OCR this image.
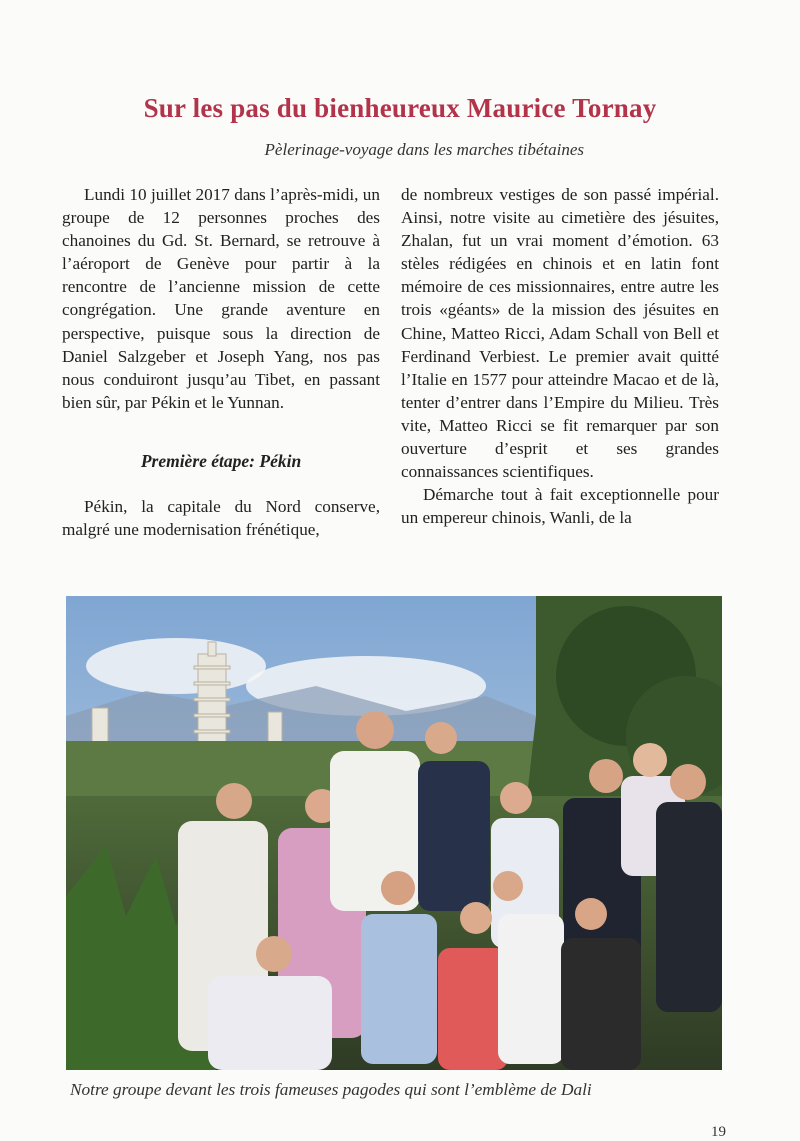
Sur les pas du bienheureux Maurice Tornay
Pèlerinage-voyage dans les marches tibétaines

Lundi 10 juillet 2017 dans l’après-midi, un groupe de 12 personnes proches des chanoines du Gd. St. Bernard, se retrouve à l’aéroport de Genève pour partir à la rencontre de l’ancienne mission de cette congrégation. Une grande aventure en perspective, puisque sous la direction de Daniel Salzgeber et Joseph Yang, nos pas nous conduiront jusqu’au Tibet, en passant bien sûr, par Pékin et le Yunnan.

Première étape: Pékin

Pékin, la capitale du Nord conserve, malgré une modernisation frénétique,

de nombreux vestiges de son passé impérial. Ainsi, notre visite au cimetière des jésuites, Zhalan, fut un vrai moment d’émotion. 63 stèles rédigées en chinois et en latin font mémoire de ces missionnaires, entre autre les trois «géants» de la mission des jésuites en Chine, Matteo Ricci, Adam Schall von Bell et Ferdinand Verbiest. Le premier avait quitté l’Italie en 1577 pour atteindre Macao et de là, tenter d’entrer dans l’Empire du Milieu. Très vite, Matteo Ricci se fit remarquer par son ouverture d’esprit et ses grandes connaissances scientifiques.

Démarche tout à fait exceptionnelle pour un empereur chinois, Wanli, de la

Notre groupe devant les trois fameuses pagodes qui sont l’emblème de Dali
19
